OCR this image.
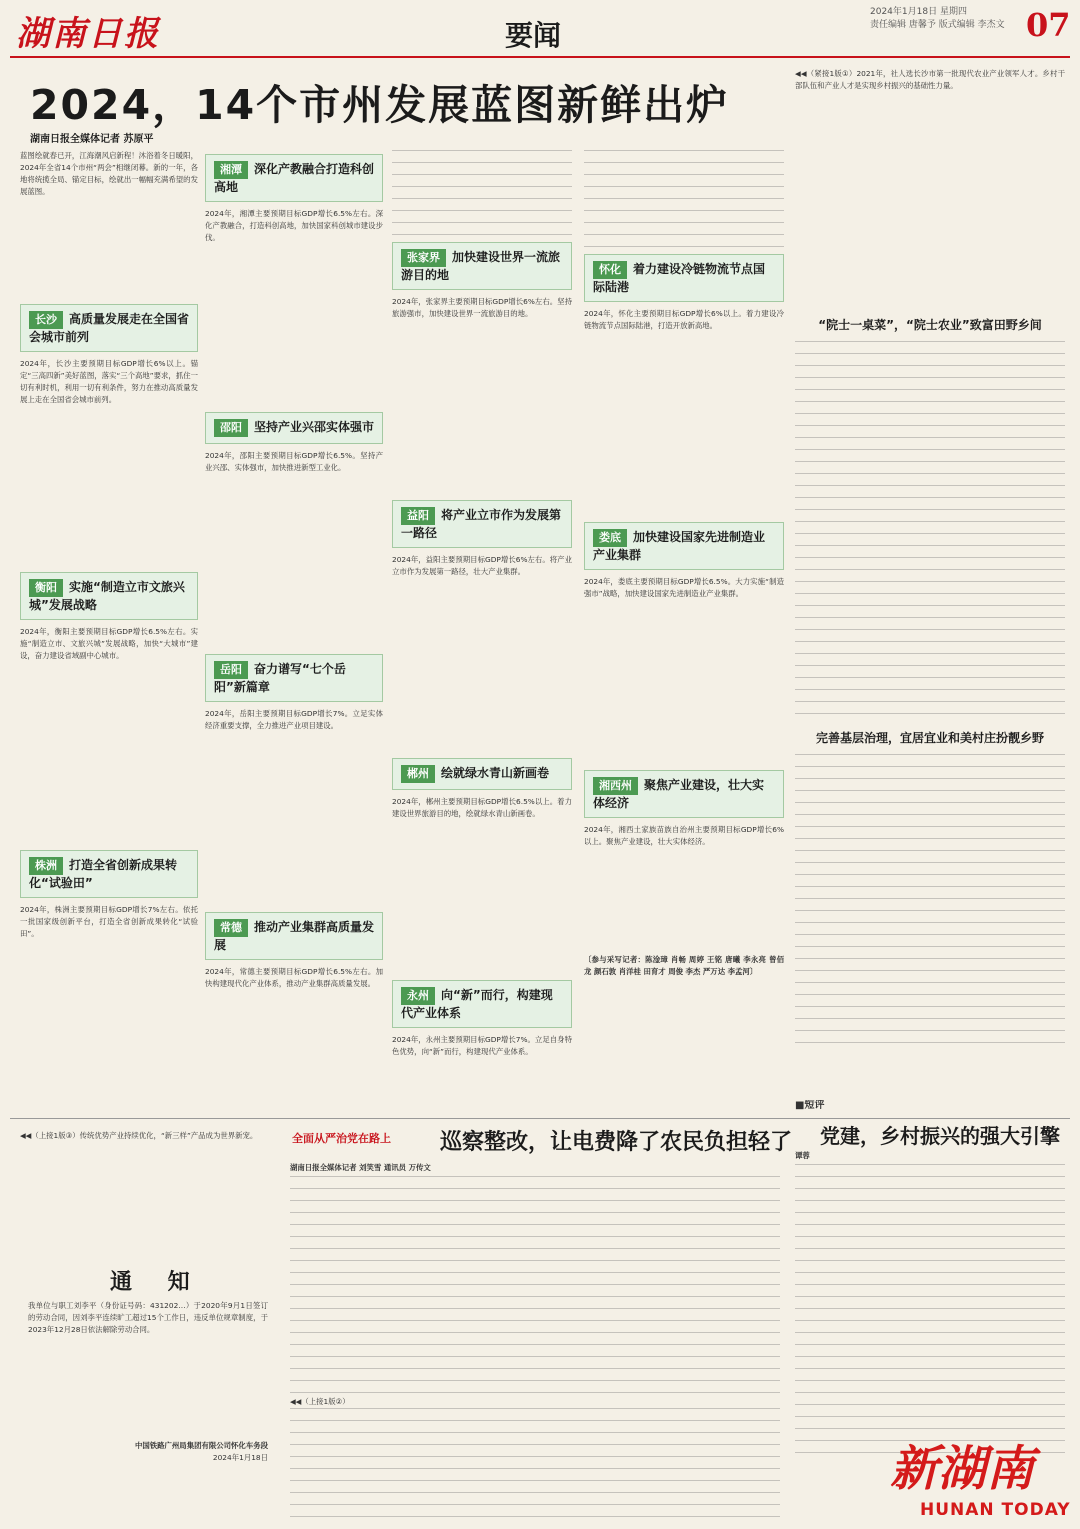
湖南日报	要闻
2024年1月18日 星期四
责任编辑 唐馨予 版式编辑 李杰文 07
2024，14个市州发展蓝图新鲜出炉
湖南日报全媒体记者 苏原平
蓝图绘就春已开，江海潮风启新程！沐浴着冬日暖阳，2024年全省14个市州“两会”相继闭幕。新的一年，各地将统揽全局、锚定目标，绘就出一幅幅充满希望的发展蓝图。
长沙 高质量发展走在全国省会城市前列
2024年，长沙主要预期目标GDP增长6%以上。锚定“三高四新”美好蓝图，落实“三个高地”要求，抓住一切有利时机，利用一切有利条件，努力在推动高质量发展上走在全国省会城市前列。
衡阳 实施“制造立市文旅兴城”发展战略
2024年，衡阳主要预期目标GDP增长6.5%左右。实施“制造立市、文旅兴城”发展战略，加快“大城市”建设，奋力建设省域副中心城市。
株洲 打造全省创新成果转化“试验田”
2024年，株洲主要预期目标GDP增长7%左右。依托一批国家级创新平台，打造全省创新成果转化“试验田”。
湘潭 深化产教融合打造科创高地
2024年，湘潭主要预期目标GDP增长6.5%左右。深化产教融合，打造科创高地，加快国家科创城市建设步伐。
邵阳 坚持产业兴邵实体强市
2024年，邵阳主要预期目标GDP增长6.5%。坚持产业兴邵、实体强市，加快推进新型工业化。
岳阳 奋力谱写“七个岳阳”新篇章
2024年，岳阳主要预期目标GDP增长7%。立足实体经济重要支撑，全力推进产业项目建设。
常德 推动产业集群高质量发展
2024年，常德主要预期目标GDP增长6.5%左右。加快构建现代化产业体系，推动产业集群高质量发展。
张家界 加快建设世界一流旅游目的地
2024年，张家界主要预期目标GDP增长6%左右。坚持旅游强市，加快建设世界一流旅游目的地。
益阳 将产业立市作为发展第一路径
2024年，益阳主要预期目标GDP增长6%左右。将产业立市作为发展第一路径，壮大产业集群。
郴州 绘就绿水青山新画卷
2024年，郴州主要预期目标GDP增长6.5%以上。着力建设世界旅游目的地，绘就绿水青山新画卷。
永州 向“新”而行，构建现代产业体系
2024年，永州主要预期目标GDP增长7%。立足自身特色优势，向“新”而行，构建现代产业体系。
怀化 着力建设冷链物流节点国际陆港
2024年，怀化主要预期目标GDP增长6%以上。着力建设冷链物流节点国际陆港，打造开放新高地。
娄底 加快建设国家先进制造业产业集群
2024年，娄底主要预期目标GDP增长6.5%。大力实施“制造强市”战略，加快建设国家先进制造业产业集群。
湘西州 聚焦产业建设，壮大实体经济
2024年，湘西土家族苗族自治州主要预期目标GDP增长6%以上。聚焦产业建设，壮大实体经济。
〔参与采写记者：陈淦璋 肖畅 周婷 王铭 唐曦 李永亮 曾佰龙 颜石敦 肖洋桂 田育才 周俊 李杰 严万达 李孟河〕
◀◀（紧接1版①）2021年，社人选长沙市第一批现代农业产业领军人才。乡村干部队伍和产业人才是实现乡村振兴的基础性力量。
“院士一桌菜”，“院士农业”致富田野乡间
完善基层治理，宜居宜业和美村庄扮靓乡野
◀◀（上接1版③）传统优势产业持续优化，“新三样”产品成为世界新宠。
通 知
我单位与职工刘李平（身份证号码：431202…）于2020年9月1日签订的劳动合同，因刘李平连续旷工超过15个工作日，违反单位规章制度，于2023年12月28日依法解除劳动合同。
中国铁路广州局集团有限公司怀化车务段
2024年1月18日
全面从严治党在路上 巡察整改，让电费降了农民负担轻了
湖南日报全媒体记者 刘笑雪 通讯员 万传文
◀◀（上接1版②）
■短评
党建，乡村振兴的强大引擎
谭蓉
新湖南
HUNAN TODAY
